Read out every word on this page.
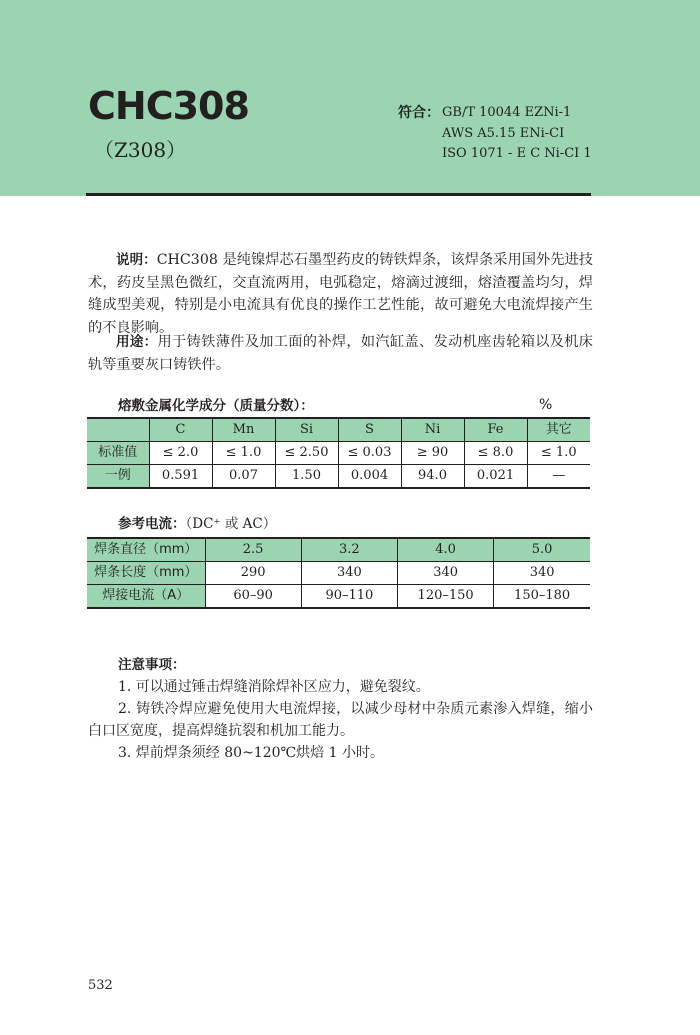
CHC308
（Z308）
符合： GB/T 10044 EZNi-1
AWS A5.15 ENi-CI
ISO 1071 - E C Ni-CI 1
说明：CHC308 是纯镍焊芯石墨型药皮的铸铁焊条，该焊条采用国外先进技术，药皮呈黑色微红，交直流两用，电弧稳定，熔滴过渡细，熔渣覆盖均匀，焊缝成型美观，特别是小电流具有优良的操作工艺性能，故可避免大电流焊接产生的不良影响。
用途：用于铸铁薄件及加工面的补焊，如汽缸盖、发动机座齿轮箱以及机床轨等重要灰口铸铁件。
熔敷金属化学成分（质量分数）：	%
	C	Mn	Si	S	Ni	Fe	其它
标准值	≤ 2.0	≤ 1.0	≤ 2.50	≤ 0.03	≥ 90	≤ 8.0	≤ 1.0
一例	0.591	0.07	1.50	0.004	94.0	0.021	—
参考电流：（DC⁺ 或 AC）
焊条直径（mm）	2.5	3.2	4.0	5.0
焊条长度（mm）	290	340	340	340
焊接电流（A）	60–90	90–110	120–150	150–180
注意事项：
1. 可以通过锤击焊缝消除焊补区应力，避免裂纹。
2. 铸铁冷焊应避免使用大电流焊接，以减少母材中杂质元素渗入焊缝，缩小白口区宽度，提高焊缝抗裂和机加工能力。
3. 焊前焊条须经 80~120℃烘焙 1 小时。
532
